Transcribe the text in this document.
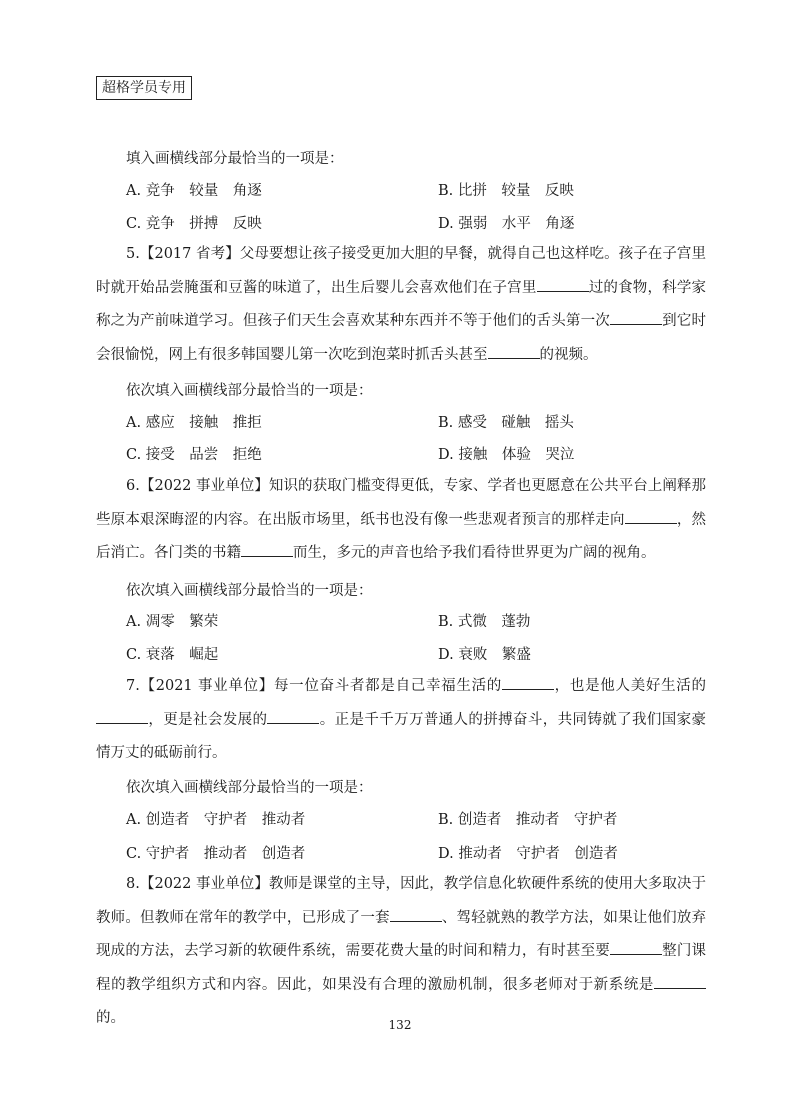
超格学员专用

填入画横线部分最恰当的一项是：

A. 竞争　较量　角逐	B. 比拼　较量　反映

C. 竞争　拼搏　反映	D. 强弱　水平　角逐

5.【2017 省考】父母要想让孩子接受更加大胆的早餐，就得自己也这样吃。孩子在子宫里时就开始品尝腌蛋和豆酱的味道了，出生后婴儿会喜欢他们在子宫里	过的食物，科学家称之为产前味道学习。但孩子们天生会喜欢某种东西并不等于他们的舌头第一次	到它时会很愉悦，网上有很多韩国婴儿第一次吃到泡菜时抓舌头甚至	的视频。

依次填入画横线部分最恰当的一项是：

A. 感应　接触　推拒	B. 感受　碰触　摇头

C. 接受　品尝　拒绝	D. 接触　体验　哭泣

6.【2022 事业单位】知识的获取门槛变得更低，专家、学者也更愿意在公共平台上阐释那些原本艰深晦涩的内容。在出版市场里，纸书也没有像一些悲观者预言的那样走向	，然后消亡。各门类的书籍	而生，多元的声音也给予我们看待世界更为广阔的视角。

依次填入画横线部分最恰当的一项是：

A. 凋零　繁荣	B. 式微　蓬勃

C. 衰落　崛起	D. 衰败　繁盛

7.【2021 事业单位】每一位奋斗者都是自己幸福生活的	，也是他人美好生活的，更是社会发展的	。正是千千万万普通人的拼搏奋斗，共同铸就了我们国家豪情万丈的砥砺前行。

依次填入画横线部分最恰当的一项是：

A. 创造者　守护者　推动者	B. 创造者　推动者　守护者

C. 守护者　推动者　创造者	D. 推动者　守护者　创造者

8.【2022 事业单位】教师是课堂的主导，因此，教学信息化软硬件系统的使用大多取决于教师。但教师在常年的教学中，已形成了一套	、驾轻就熟的教学方法，如果让他们放弃现成的方法，去学习新的软硬件系统，需要花费大量的时间和精力，有时甚至要	整门课程的教学组织方式和内容。因此，如果没有合理的激励机制，很多老师对于新系统是的。	132
